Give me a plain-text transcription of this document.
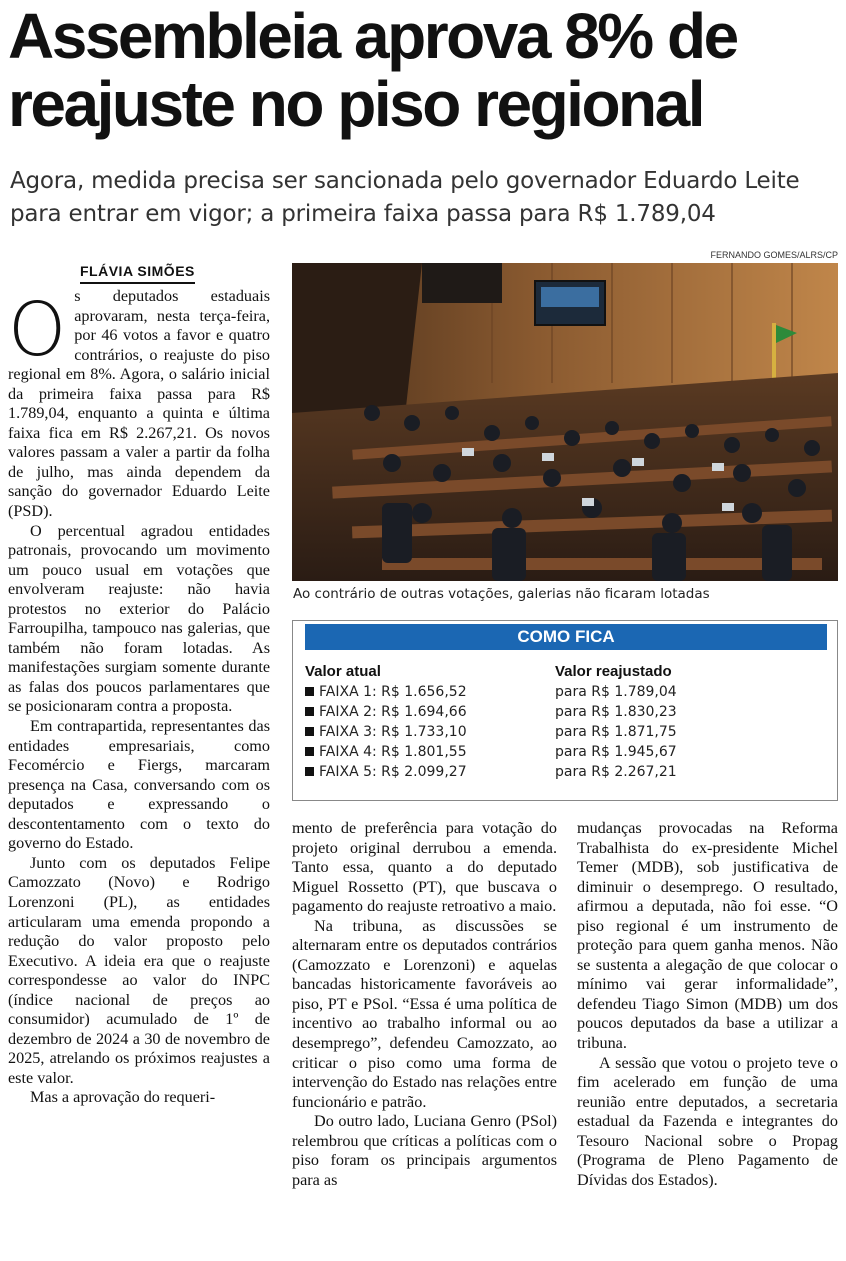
Assembleia aprova 8% de reajuste no piso regional
Agora, medida precisa ser sancionada pelo governador Eduardo Leite para entrar em vigor; a primeira faixa passa para R$ 1.789,04
FLÁVIA SIMÕES
FERNANDO GOMES/ALRS/CP
Ao contrário de outras votações, galerias não ficaram lotadas
O s deputados estaduais aprovaram, nesta terça-feira, por 46 votos a favor e quatro contrários, o reajuste do piso regional em 8%. Agora, o salário inicial da primeira faixa passa para R$ 1.789,04, enquanto a quinta e última faixa fica em R$ 2.267,21. Os novos valores passam a valer a partir da folha de julho, mas ainda dependem da sanção do governador Eduardo Leite (PSD).

O percentual agradou entidades patronais, provocando um movimento um pouco usual em votações que envolveram reajuste: não havia protestos no exterior do Palácio Farroupilha, tampouco nas galerias, que também não foram lotadas. As manifestações surgiam somente durante as falas dos poucos parlamentares que se posicionaram contra a proposta.

Em contrapartida, representantes das entidades empresariais, como Fecomércio e Fiergs, marcaram presença na Casa, conversando com os deputados e expressando o descontentamento com o texto do governo do Estado.

Junto com os deputados Felipe Camozzato (Novo) e Rodrigo Lorenzoni (PL), as entidades articularam uma emenda propondo a redução do valor proposto pelo Executivo. A ideia era que o reajuste correspondesse ao valor do INPC (índice nacional de preços ao consumidor) acumulado de 1º de dezembro de 2024 a 30 de novembro de 2025, atrelando os próximos reajustes a este valor.

Mas a aprovação do requeri-

COMO FICA
Valor atual	Valor reajustado
FAIXA 1: R$ 1.656,52	para R$ 1.789,04
FAIXA 2: R$ 1.694,66	para R$ 1.830,23
FAIXA 3: R$ 1.733,10	para R$ 1.871,75
FAIXA 4: R$ 1.801,55	para R$ 1.945,67
FAIXA 5: R$ 2.099,27	para R$ 2.267,21

mento de preferência para votação do projeto original derrubou a emenda. Tanto essa, quanto a do deputado Miguel Rossetto (PT), que buscava o pagamento do reajuste retroativo a maio.

Na tribuna, as discussões se alternaram entre os deputados contrários (Camozzato e Lorenzoni) e aquelas bancadas historicamente favoráveis ao piso, PT e PSol. “Essa é uma política de incentivo ao trabalho informal ou ao desemprego”, defendeu Camozzato, ao criticar o piso como uma forma de intervenção do Estado nas relações entre funcionário e patrão.

Do outro lado, Luciana Genro (PSol) relembrou que críticas a políticas com o piso foram os principais argumentos para as

mudanças provocadas na Reforma Trabalhista do ex-presidente Michel Temer (MDB), sob justificativa de diminuir o desemprego. O resultado, afirmou a deputada, não foi esse. “O piso regional é um instrumento de proteção para quem ganha menos. Não se sustenta a alegação de que colocar o mínimo vai gerar informalidade”, defendeu Tiago Simon (MDB) um dos poucos deputados da base a utilizar a tribuna.

A sessão que votou o projeto teve o fim acelerado em função de uma reunião entre deputados, a secretaria estadual da Fazenda e integrantes do Tesouro Nacional sobre o Propag (Programa de Pleno Pagamento de Dívidas dos Estados).
